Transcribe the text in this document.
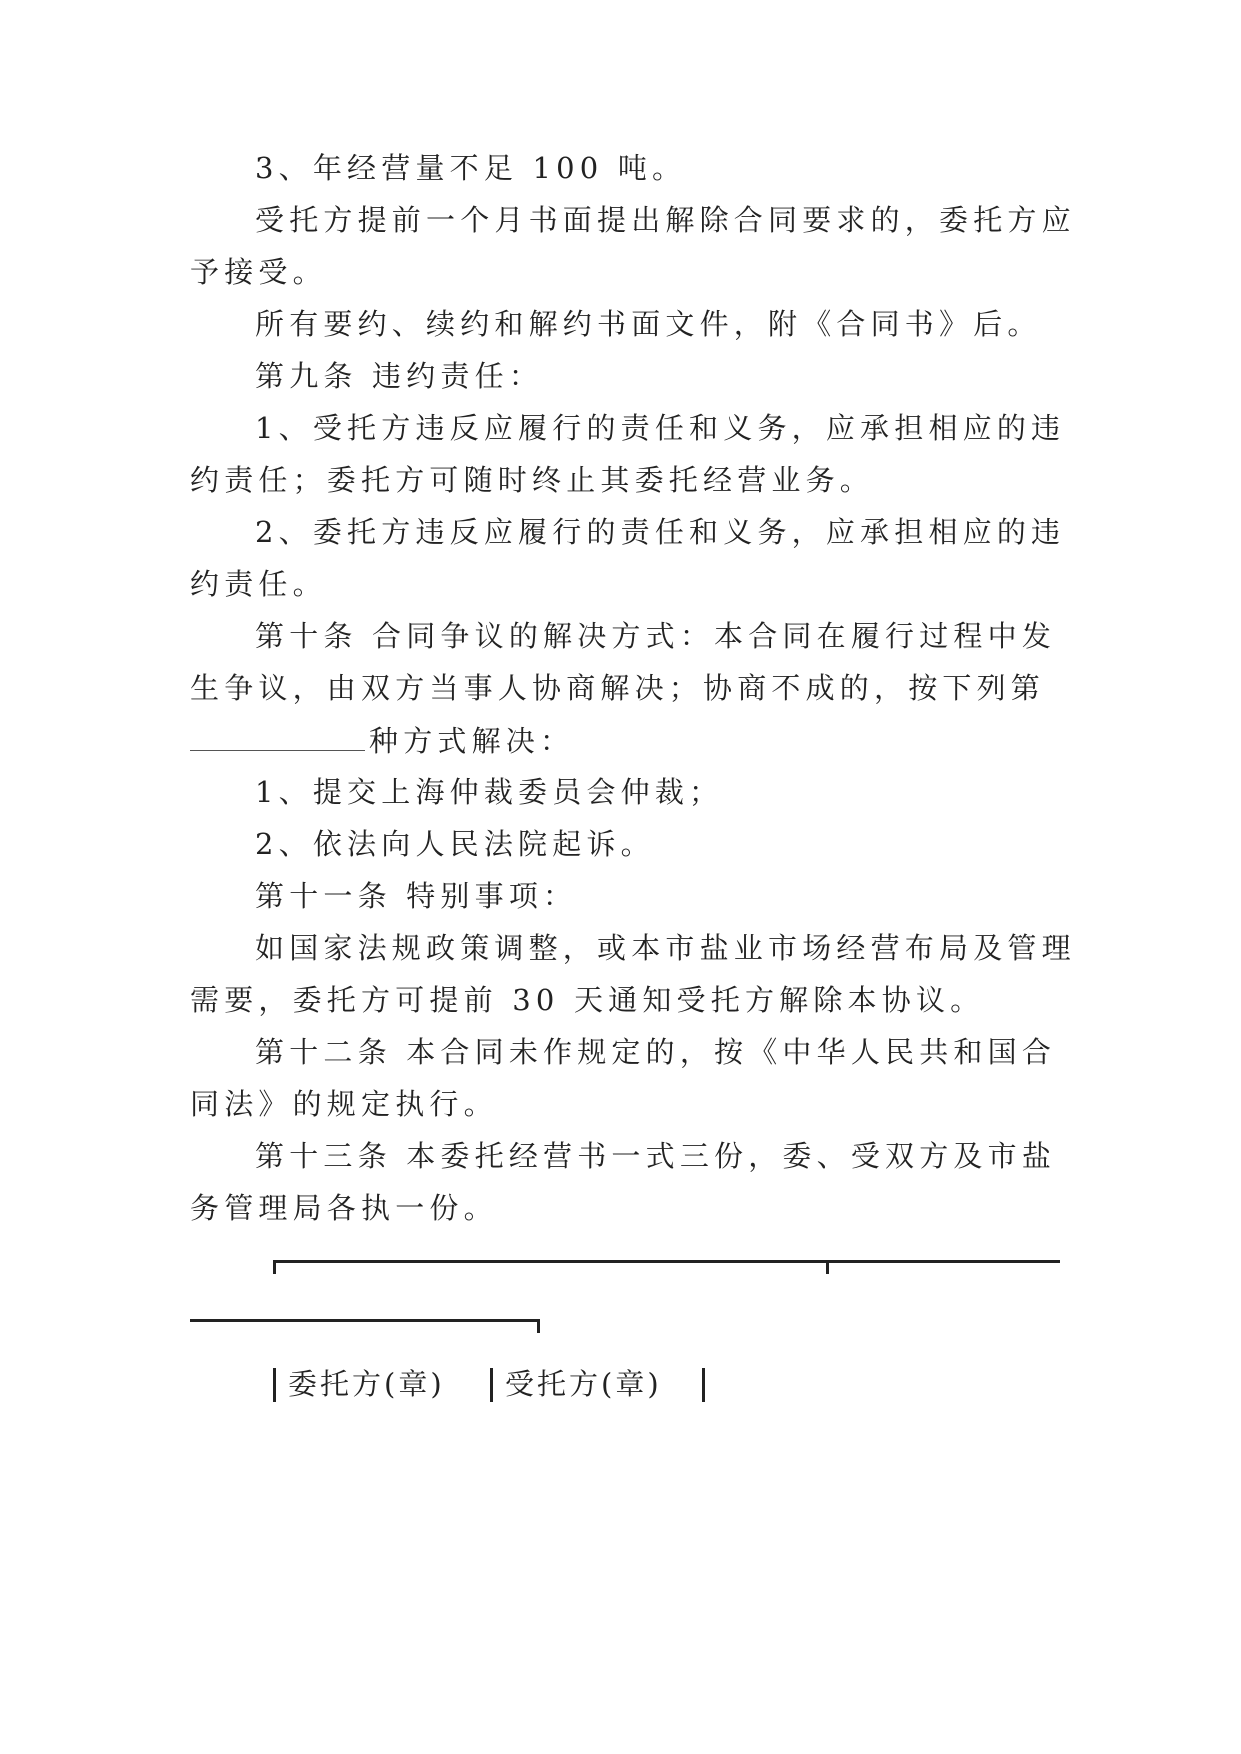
3、年经营量不足 100 吨。
受托方提前一个月书面提出解除合同要求的，委托方应
予接受。
所有要约、续约和解约书面文件，附《合同书》后。
第九条 违约责任：
1、受托方违反应履行的责任和义务，应承担相应的违
约责任；委托方可随时终止其委托经营业务。
2、委托方违反应履行的责任和义务，应承担相应的违
约责任。
第十条 合同争议的解决方式：本合同在履行过程中发
生争议，由双方当事人协商解决；协商不成的，按下列第
种方式解决：
1、提交上海仲裁委员会仲裁；
2、依法向人民法院起诉。
第十一条 特别事项：
如国家法规政策调整，或本市盐业市场经营布局及管理
需要，委托方可提前 30 天通知受托方解除本协议。
第十二条 本合同未作规定的，按《中华人民共和国合
同法》的规定执行。
第十三条 本委托经营书一式三份，委、受双方及市盐
务管理局各执一份。
委托方(章) 受托方(章)
